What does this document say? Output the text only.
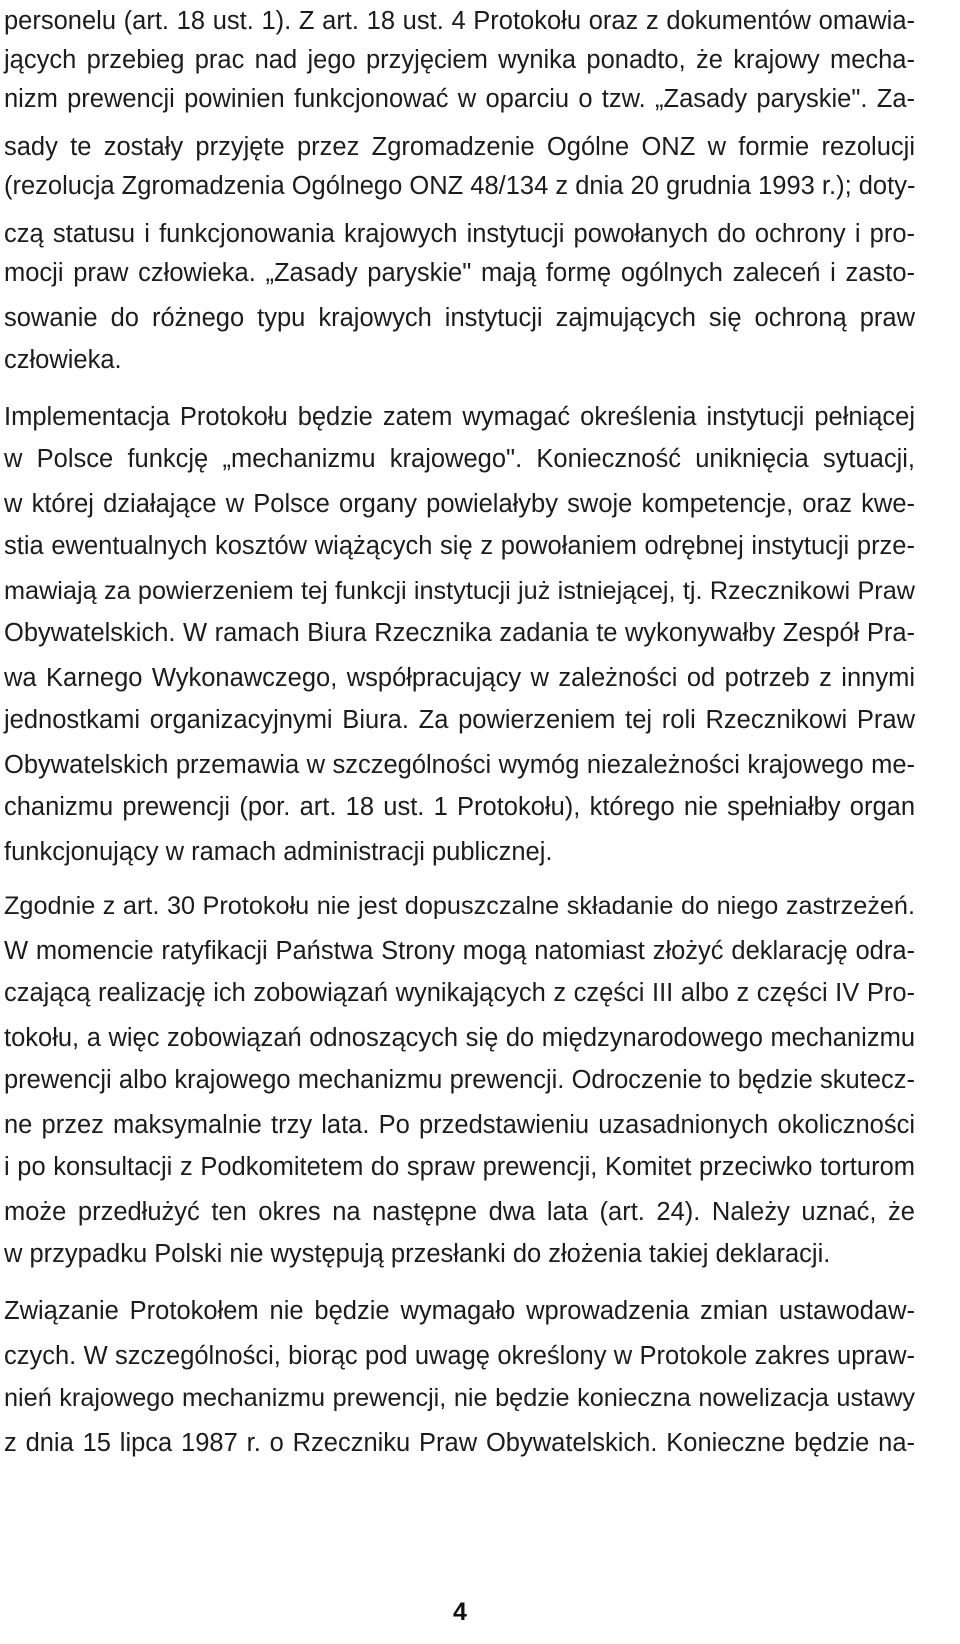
personelu (art. 18 ust. 1). Z art. 18 ust. 4 Protokołu oraz z dokumentów omawia-
jących przebieg prac nad jego przyjęciem wynika ponadto, że krajowy mecha-
nizm prewencji powinien funkcjonować w oparciu o tzw. „Zasady paryskie". Za-
sady te zostały przyjęte przez Zgromadzenie Ogólne ONZ w formie rezolucji
(rezolucja Zgromadzenia Ogólnego ONZ 48/134 z dnia 20 grudnia 1993 r.); doty-
czą statusu i funkcjonowania krajowych instytucji powołanych do ochrony i pro-
mocji praw człowieka. „Zasady paryskie" mają formę ogólnych zaleceń i zasto-
sowanie do różnego typu krajowych instytucji zajmujących się ochroną praw
człowieka.
Implementacja Protokołu będzie zatem wymagać określenia instytucji pełniącej
w Polsce funkcję „mechanizmu krajowego". Konieczność uniknięcia sytuacji,
w której działające w Polsce organy powielałyby swoje kompetencje, oraz kwe-
stia ewentualnych kosztów wiążących się z powołaniem odrębnej instytucji prze-
mawiają za powierzeniem tej funkcji instytucji już istniejącej, tj. Rzecznikowi Praw
Obywatelskich. W ramach Biura Rzecznika zadania te wykonywałby Zespół Pra-
wa Karnego Wykonawczego, współpracujący w zależności od potrzeb z innymi
jednostkami organizacyjnymi Biura. Za powierzeniem tej roli Rzecznikowi Praw
Obywatelskich przemawia w szczególności wymóg niezależności krajowego me-
chanizmu prewencji (por. art. 18 ust. 1 Protokołu), którego nie spełniałby organ
funkcjonujący w ramach administracji publicznej.
Zgodnie z art. 30 Protokołu nie jest dopuszczalne składanie do niego zastrzeżeń.
W momencie ratyfikacji Państwa Strony mogą natomiast złożyć deklarację odra-
czającą realizację ich zobowiązań wynikających z części III albo z części IV Pro-
tokołu, a więc zobowiązań odnoszących się do międzynarodowego mechanizmu
prewencji albo krajowego mechanizmu prewencji. Odroczenie to będzie skutecz-
ne przez maksymalnie trzy lata. Po przedstawieniu uzasadnionych okoliczności
i po konsultacji z Podkomitetem do spraw prewencji, Komitet przeciwko torturom
może przedłużyć ten okres na następne dwa lata (art. 24). Należy uznać, że
w przypadku Polski nie występują przesłanki do złożenia takiej deklaracji.
Związanie Protokołem nie będzie wymagało wprowadzenia zmian ustawodaw-
czych. W szczególności, biorąc pod uwagę określony w Protokole zakres upraw-
nień krajowego mechanizmu prewencji, nie będzie konieczna nowelizacja ustawy
z dnia 15 lipca 1987 r. o Rzeczniku Praw Obywatelskich. Konieczne będzie na-
4
